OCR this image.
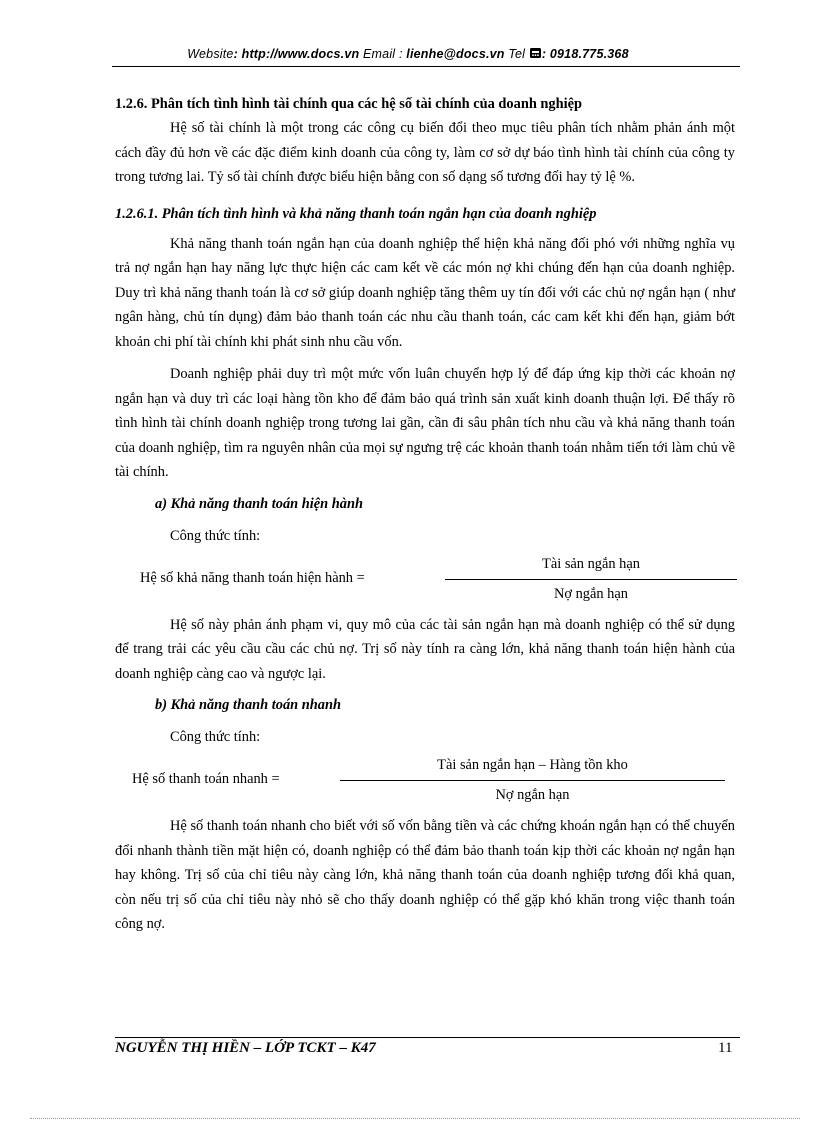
Website: http://www.docs.vn Email : lienhe@docs.vn Tel : 0918.775.368

1.2.6. Phân tích tình hình tài chính qua các hệ số tài chính của doanh nghiệp

Hệ số tài chính là một trong các công cụ biến đổi theo mục tiêu phân tích nhằm phản ánh một cách đầy đủ hơn về các đặc điểm kinh doanh của công ty, làm cơ sở dự báo tình hình tài chính của công ty trong tương lai. Tỷ số tài chính được biểu hiện bằng con số dạng số tương đối hay tỷ lệ %.

1.2.6.1. Phân tích tình hình và khả năng thanh toán ngắn hạn của doanh nghiệp

Khả năng thanh toán ngắn hạn của doanh nghiệp thể hiện khả năng đối phó với những nghĩa vụ trả nợ ngắn hạn hay năng lực thực hiện các cam kết về các món nợ khi chúng đến hạn của doanh nghiệp. Duy trì khả năng thanh toán là cơ sở giúp doanh nghiệp tăng thêm uy tín đối với các chủ nợ ngắn hạn ( như ngân hàng, chủ tín dụng) đảm bảo thanh toán các nhu cầu thanh toán, các cam kết khi đến hạn, giảm bớt khoản chi phí tài chính khi phát sinh nhu cầu vốn.

Doanh nghiệp phải duy trì một mức vốn luân chuyển hợp lý để đáp ứng kịp thời các khoản nợ ngắn hạn và duy trì các loại hàng tồn kho để đảm bảo quá trình sản xuất kinh doanh thuận lợi. Để thấy rõ tình hình tài chính doanh nghiệp trong tương lai gần, cần đi sâu phân tích nhu cầu và khả năng thanh toán của doanh nghiệp, tìm ra nguyên nhân của mọi sự ngưng trệ các khoản thanh toán nhằm tiến tới làm chủ về tài chính.

a) Khả năng thanh toán hiện hành

Công thức tính:

Hệ số khả năng thanh toán hiện hành =
Tài sản ngắn hạn
Nợ ngắn hạn

Hệ số này phản ánh phạm vi, quy mô của các tài sản ngắn hạn mà doanh nghiệp có thể sử dụng để trang trải các yêu cầu cầu các chủ nợ. Trị số này tính ra càng lớn, khả năng thanh toán hiện hành của doanh nghiệp càng cao và ngược lại.

b) Khả năng thanh toán nhanh

Công thức tính:

Hệ số thanh toán nhanh =
Tài sản ngắn hạn – Hàng tồn kho
Nợ ngắn hạn

Hệ số thanh toán nhanh cho biết với số vốn bằng tiền và các chứng khoán ngắn hạn có thể chuyển đổi nhanh thành tiền mặt hiện có, doanh nghiệp có thể đảm bảo thanh toán kịp thời các khoản nợ ngắn hạn hay không. Trị số của chỉ tiêu này càng lớn, khả năng thanh toán của doanh nghiệp tương đối khả quan, còn nếu trị số của chỉ tiêu này nhỏ sẽ cho thấy doanh nghiệp có thể gặp khó khăn trong việc thanh toán công nợ.

NGUYỄN THỊ HIỀN – LỚP TCKT – K47	11
